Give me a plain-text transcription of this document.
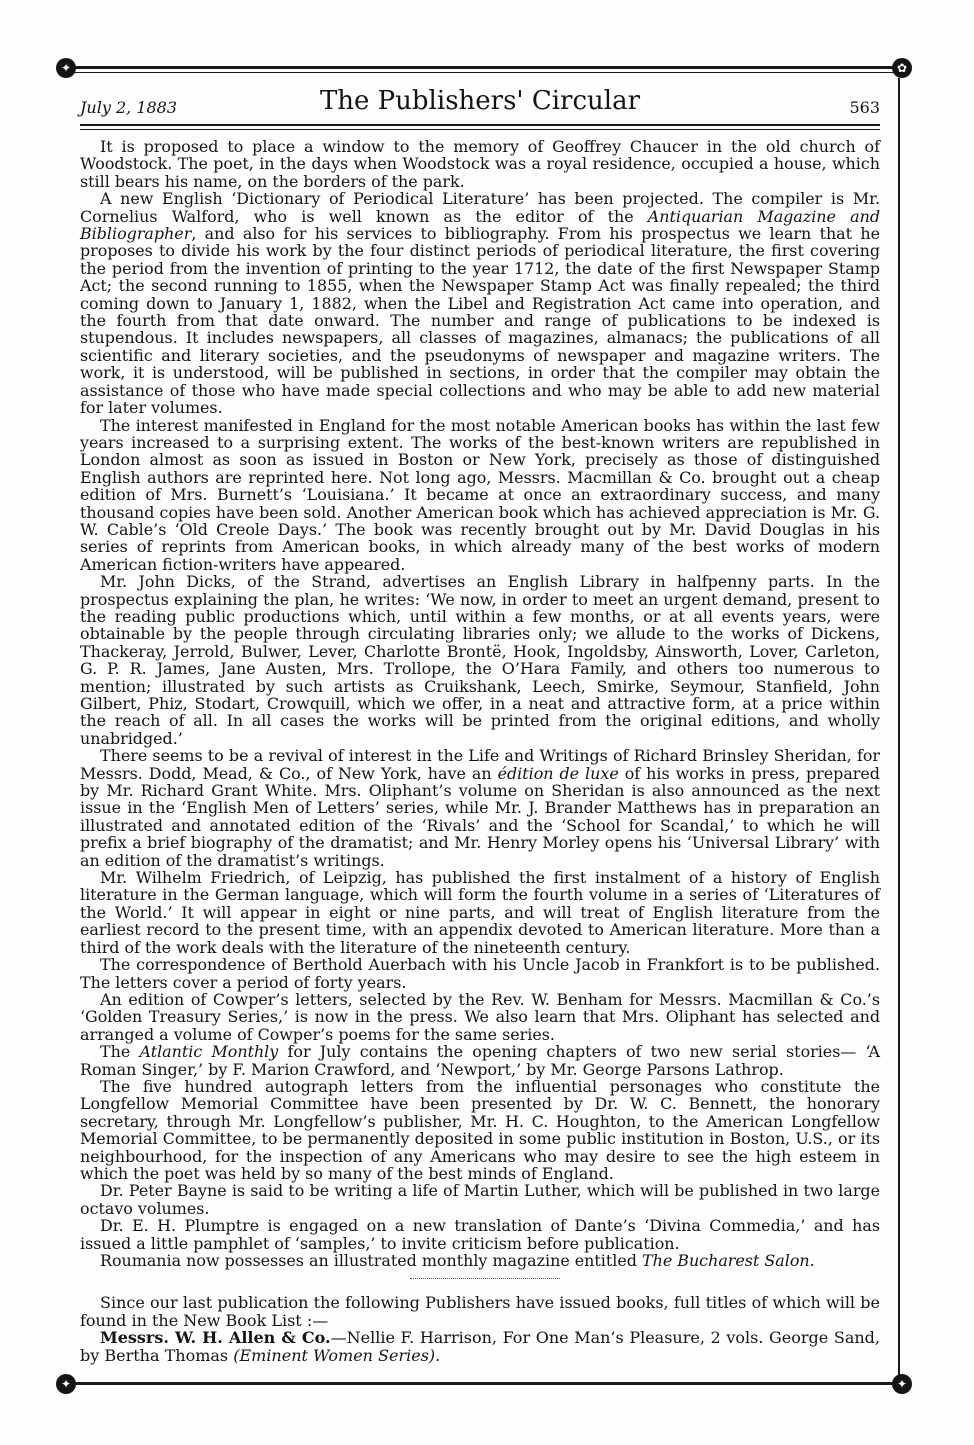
✦	✿
July 2, 1883	The Publishers' Circular	563

It is proposed to place a window to the memory of Geoffrey Chaucer in the old church of Woodstock. The poet, in the days when Woodstock was a royal residence, occupied a house, which still bears his name, on the borders of the park.

A new English ‘Dictionary of Periodical Literature’ has been projected. The compiler is Mr. Cornelius Walford, who is well known as the editor of the Antiquarian Magazine and Bibliographer, and also for his services to bibliography. From his prospectus we learn that he proposes to divide his work by the four distinct periods of periodical literature, the first covering the period from the invention of printing to the year 1712, the date of the first Newspaper Stamp Act; the second running to 1855, when the Newspaper Stamp Act was finally repealed; the third coming down to January 1, 1882, when the Libel and Registration Act came into operation, and the fourth from that date onward. The number and range of publications to be indexed is stupendous. It includes newspapers, all classes of magazines, almanacs; the publications of all scientific and literary societies, and the pseudonyms of newspaper and magazine writers. The work, it is understood, will be published in sections, in order that the compiler may obtain the assistance of those who have made special collections and who may be able to add new material for later volumes.

The interest manifested in England for the most notable American books has within the last few years increased to a surprising extent. The works of the best-known writers are republished in London almost as soon as issued in Boston or New York, precisely as those of distinguished English authors are reprinted here. Not long ago, Messrs. Macmillan & Co. brought out a cheap edition of Mrs. Burnett’s ‘Louisiana.’ It became at once an extraordinary success, and many thousand copies have been sold. Another American book which has achieved appreciation is Mr. G. W. Cable’s ‘Old Creole Days.’ The book was recently brought out by Mr. David Douglas in his series of reprints from American books, in which already many of the best works of modern American fiction-writers have appeared.

Mr. John Dicks, of the Strand, advertises an English Library in halfpenny parts. In the prospectus explaining the plan, he writes: ‘We now, in order to meet an urgent demand, present to the reading public productions which, until within a few months, or at all events years, were obtainable by the people through circulating libraries only; we allude to the works of Dickens, Thackeray, Jerrold, Bulwer, Lever, Charlotte Brontë, Hook, Ingoldsby, Ainsworth, Lover, Carleton, G. P. R. James, Jane Austen, Mrs. Trollope, the O’Hara Family, and others too numerous to mention; illustrated by such artists as Cruikshank, Leech, Smirke, Seymour, Stanfield, John Gilbert, Phiz, Stodart, Crowquill, which we offer, in a neat and attractive form, at a price within the reach of all. In all cases the works will be printed from the original editions, and wholly unabridged.’

There seems to be a revival of interest in the Life and Writings of Richard Brinsley Sheridan, for Messrs. Dodd, Mead, & Co., of New York, have an édition de luxe of his works in press, prepared by Mr. Richard Grant White. Mrs. Oliphant’s volume on Sheridan is also announced as the next issue in the ‘English Men of Letters’ series, while Mr. J. Brander Matthews has in preparation an illustrated and annotated edition of the ‘Rivals’ and the ‘School for Scandal,’ to which he will prefix a brief biography of the dramatist; and Mr. Henry Morley opens his ‘Universal Library’ with an edition of the dramatist’s writings.

Mr. Wilhelm Friedrich, of Leipzig, has published the first instalment of a history of English literature in the German language, which will form the fourth volume in a series of ‘Literatures of the World.’ It will appear in eight or nine parts, and will treat of English literature from the earliest record to the present time, with an appendix devoted to American literature. More than a third of the work deals with the literature of the nineteenth century.

The correspondence of Berthold Auerbach with his Uncle Jacob in Frankfort is to be published. The letters cover a period of forty years.

An edition of Cowper’s letters, selected by the Rev. W. Benham for Messrs. Macmillan & Co.’s ‘Golden Treasury Series,’ is now in the press. We also learn that Mrs. Oliphant has selected and arranged a volume of Cowper’s poems for the same series.

The Atlantic Monthly for July contains the opening chapters of two new serial stories— ‘A Roman Singer,’ by F. Marion Crawford, and ‘Newport,’ by Mr. George Parsons Lathrop.

The five hundred autograph letters from the influential personages who constitute the Longfellow Memorial Committee have been presented by Dr. W. C. Bennett, the honorary secretary, through Mr. Longfellow’s publisher, Mr. H. C. Houghton, to the American Longfellow Memorial Committee, to be permanently deposited in some public institution in Boston, U.S., or its neighbourhood, for the inspection of any Americans who may desire to see the high esteem in which the poet was held by so many of the best minds of England.

Dr. Peter Bayne is said to be writing a life of Martin Luther, which will be published in two large octavo volumes.

Dr. E. H. Plumptre is engaged on a new translation of Dante’s ‘Divina Commedia,’ and has issued a little pamphlet of ‘samples,’ to invite criticism before publication.

Roumania now possesses an illustrated monthly magazine entitled The Bucharest Salon.

Since our last publication the following Publishers have issued books, full titles of which will be found in the New Book List :—

Messrs. W. H. Allen & Co.—Nellie F. Harrison, For One Man’s Pleasure, 2 vols. George Sand, by Bertha Thomas (Eminent Women Series).

✦	✦
